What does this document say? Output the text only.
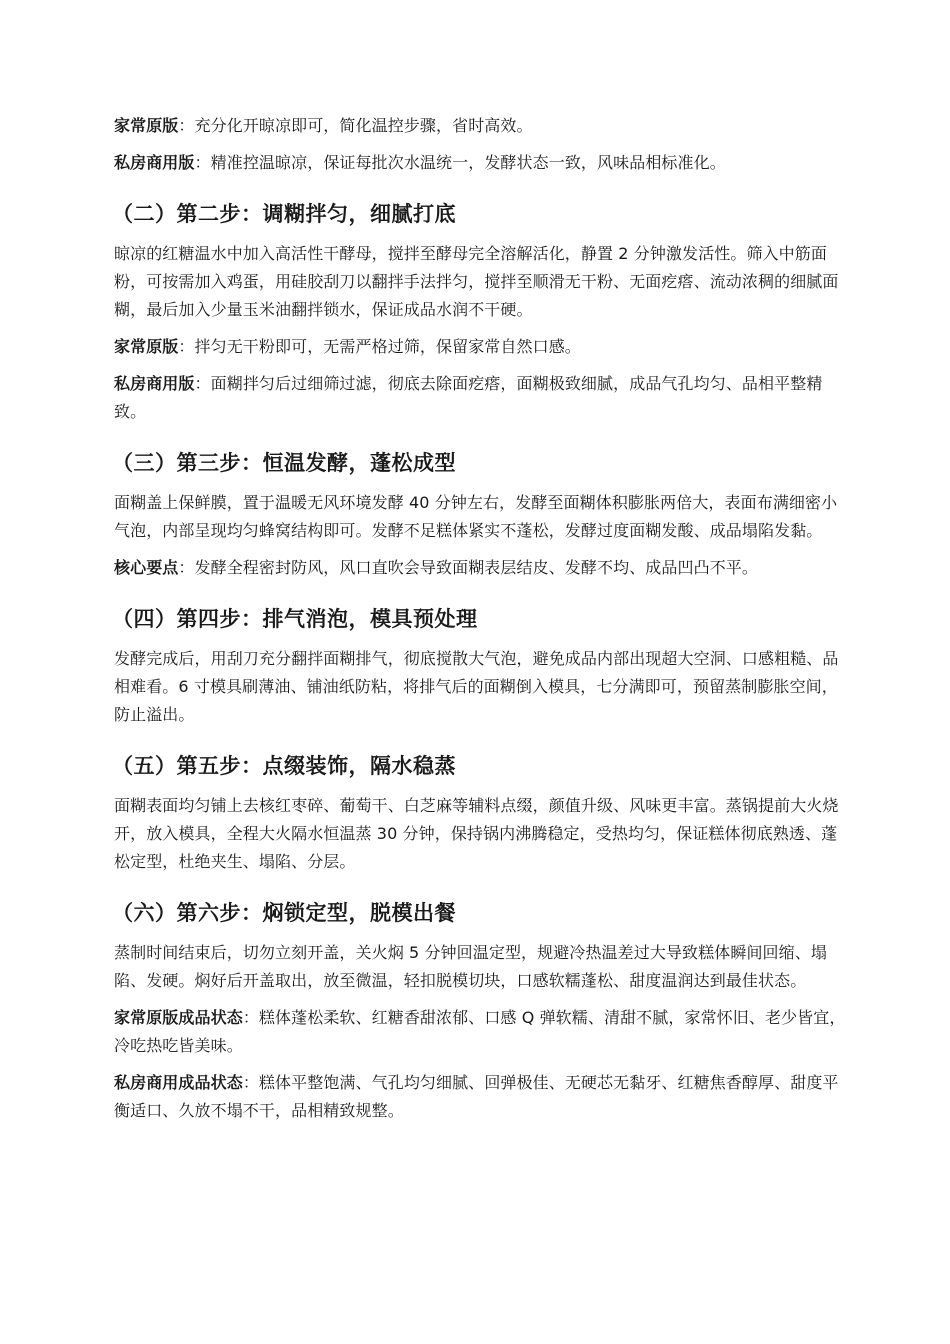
家常原版：充分化开晾凉即可，简化温控步骤，省时高效。

私房商用版：精准控温晾凉，保证每批次水温统一，发酵状态一致，风味品相标准化。

（二）第二步：调糊拌匀，细腻打底

晾凉的红糖温水中加入高活性干酵母，搅拌至酵母完全溶解活化，静置 2 分钟激发活性。筛入中筋面粉，可按需加入鸡蛋，用硅胶刮刀以翻拌手法拌匀，搅拌至顺滑无干粉、无面疙瘩、流动浓稠的细腻面糊，最后加入少量玉米油翻拌锁水，保证成品水润不干硬。

家常原版：拌匀无干粉即可，无需严格过筛，保留家常自然口感。

私房商用版：面糊拌匀后过细筛过滤，彻底去除面疙瘩，面糊极致细腻，成品气孔均匀、品相平整精致。

（三）第三步：恒温发酵，蓬松成型

面糊盖上保鲜膜，置于温暖无风环境发酵 40 分钟左右，发酵至面糊体积膨胀两倍大，表面布满细密小气泡，内部呈现均匀蜂窝结构即可。发酵不足糕体紧实不蓬松，发酵过度面糊发酸、成品塌陷发黏。

核心要点：发酵全程密封防风，风口直吹会导致面糊表层结皮、发酵不均、成品凹凸不平。

（四）第四步：排气消泡，模具预处理

发酵完成后，用刮刀充分翻拌面糊排气，彻底搅散大气泡，避免成品内部出现超大空洞、口感粗糙、品相难看。6 寸模具刷薄油、铺油纸防粘，将排气后的面糊倒入模具，七分满即可，预留蒸制膨胀空间，防止溢出。

（五）第五步：点缀装饰，隔水稳蒸

面糊表面均匀铺上去核红枣碎、葡萄干、白芝麻等辅料点缀，颜值升级、风味更丰富。蒸锅提前大火烧开，放入模具，全程大火隔水恒温蒸 30 分钟，保持锅内沸腾稳定，受热均匀，保证糕体彻底熟透、蓬松定型，杜绝夹生、塌陷、分层。

（六）第六步：焖锁定型，脱模出餐

蒸制时间结束后，切勿立刻开盖，关火焖 5 分钟回温定型，规避冷热温差过大导致糕体瞬间回缩、塌陷、发硬。焖好后开盖取出，放至微温，轻扣脱模切块，口感软糯蓬松、甜度温润达到最佳状态。

家常原版成品状态：糕体蓬松柔软、红糖香甜浓郁、口感 Q 弹软糯、清甜不腻，家常怀旧、老少皆宜，冷吃热吃皆美味。

私房商用成品状态：糕体平整饱满、气孔均匀细腻、回弹极佳、无硬芯无黏牙、红糖焦香醇厚、甜度平衡适口、久放不塌不干，品相精致规整。
